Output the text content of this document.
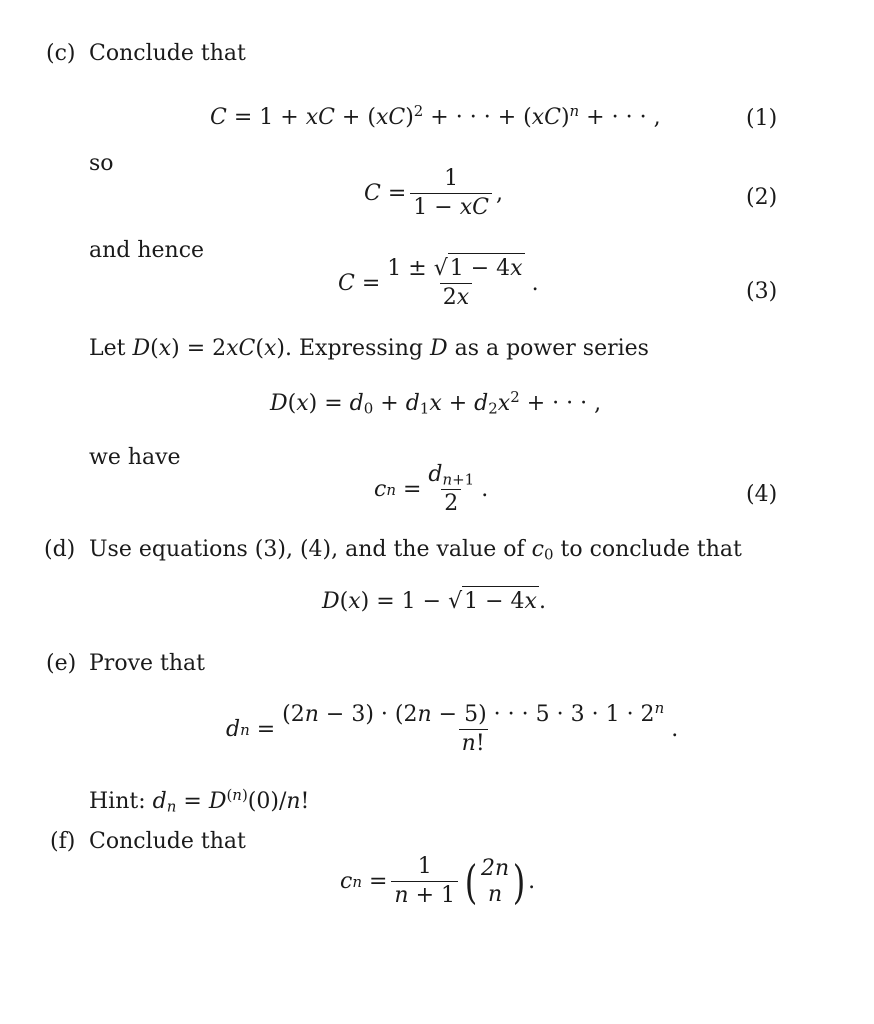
(c) Conclude that
C = 1 + xC + (xC)$^2$ + · · · + (xC)$^n$ + · · · ,	(1)
so
$C = \frac{1}{1 - xC}$ ,	(2)
and hence
$C = \frac{1 \pm √1 - 4x}{2x}$ .	(3)
Let D(x) = 2xC(x). Expressing D as a power series
$D(x) = d_0 + d_1x + d_2x^2$ + · · · ,
we have
c $n = \frac{d_{n+1}}{2}$ .	(4)
(d) Use equations (3), (4), and the value of $c_0$ to conclude that
D(x) = 1 − √1 − 4x.
(e) Prove that
d $n = \frac{(2n - 3) \cdot (2n - 5) \cdot \cdot \cdot 5 \cdot 3 \cdot 1 \cdot 2^n}{n!}$ .
Hint: $d_n = D^{(n)}(0)/n$!
(f) Conclude that
c $n = \frac{1}{n + 1}$ ( 2n
n ) .
